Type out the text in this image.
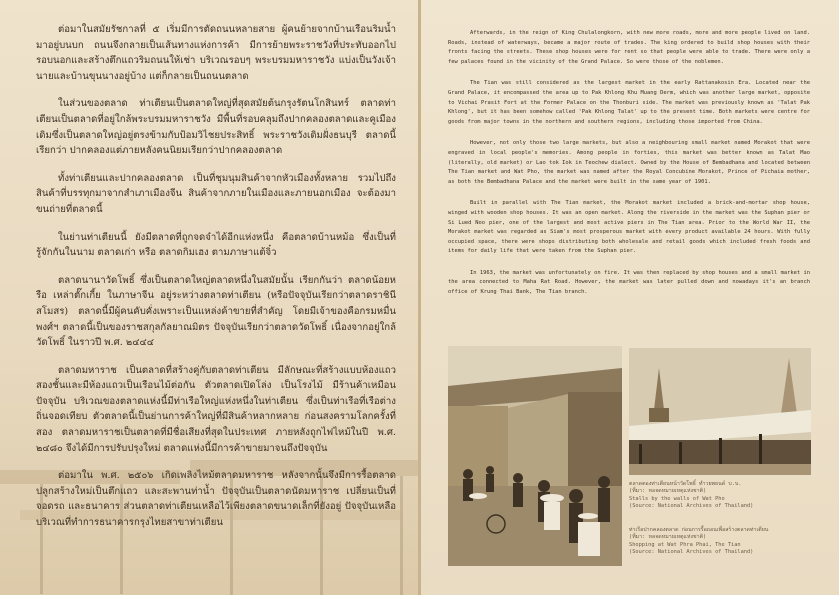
ต่อมาในสมัยรัชกาลที่ ๕ เริ่มมีการตัดถนนหลายสาย ผู้คนย้ายจากบ้านเรือนริมน้ำมาอยู่บนบก ถนนจึงกลายเป็นเส้นทางแห่งการค้า มีการย้ายพระราชวังที่ประทับออกไปรอบนอกและสร้างตึกแถวริมถนนให้เช่า บริเวณรอบๆ พระบรมมหาราชวัง แบ่งเป็นวังเจ้านายและบ้านขุนนางอยู่บ้าง แต่ก็กลายเป็นถนนตลาด

ในส่วนของตลาด ท่าเตียนเป็นตลาดใหญ่ที่สุดสมัยต้นกรุงรัตนโกสินทร์ ตลาดท่าเตียนเป็นตลาดที่อยู่ใกล้พระบรมมหาราชวัง มีพื้นที่รอบคลุมถึงปากคลองตลาดและคูเมืองเดิมซึ่งเป็นตลาดใหญ่อยู่ตรงข้ามกับป้อมวิไชยประสิทธิ์ พระราชวังเดิมฝั่งธนบุรี ตลาดนี้เรียกว่า ปากคลองแต่ภายหลังคนนิยมเรียกว่าปากคลองตลาด

ทั้งท่าเตียนและปากคลองตลาด เป็นที่ชุมนุมสินค้าจากหัวเมืองทั้งหลาย รวมไปถึงสินค้าที่บรรทุกมาจากสำเภาเมืองจีน สินค้าจากภายในเมืองและภายนอกเมือง จะต้องมาขนถ่ายที่ตลาดนี้

ในย่านท่าเตียนนี้ ยังมีตลาดที่ถูกจดจำได้อีกแห่งหนึ่ง คือตลาดบ้านหม้อ ซึ่งเป็นที่รู้จักกันในนาม ตลาดเก่า หรือ ตลาดกิมเฮง ตามภาษาแต้จิ๋ว

ตลาดนานาวัดโพธิ์ ซึ่งเป็นตลาดใหญ่ตลาดหนึ่งในสมัยนั้น เรียกกันว่า ตลาดน้อยหรือ เหล่าตั๊กเกี้ย ในภาษาจีน อยู่ระหว่างตลาดท่าเตียน (หรือปัจจุบันเรียกว่าตลาดราชินีสโมสร) ตลาดนี้มีผู้คนคับคั่งเพราะเป็นแหล่งค้าขายที่สำคัญ โดยมีเจ้าของคือกรมหมื่นพงศ์ฯ ตลาดนี้เป็นของราชสกุลกัลยาณมิตร ปัจจุบันเรียกว่าตลาดวัดโพธิ์ เนื่องจากอยู่ใกล้วัดโพธิ์ ในราวปี พ.ศ. ๒๔๔๔

ตลาดมหาราช เป็นตลาดที่สร้างคู่กับตลาดท่าเตียน มีลักษณะที่สร้างแบบห้องแถวสองชั้นและมีห้องแถวเป็นเรือนไม้ต่อกัน ตัวตลาดเปิดโล่ง เป็นโรงไม้ มีร้านค้าเหมือนปัจจุบัน บริเวณของตลาดแห่งนี้มีท่าเรือใหญ่แห่งหนึ่งในท่าเตียน ซึ่งเป็นท่าเรือที่เรือต่างถิ่นจอดเทียบ ตัวตลาดนี้เป็นย่านการค้าใหญ่ที่มีสินค้าหลากหลาย ก่อนสงครามโลกครั้งที่สอง ตลาดมหาราชเป็นตลาดที่มีชื่อเสียงที่สุดในประเทศ ภายหลังถูกไฟไหม้ในปี พ.ศ. ๒๔๘๐ จึงได้มีการปรับปรุงใหม่ ตลาดแห่งนี้มีการค้าขายมาจนถึงปัจจุบัน

ต่อมาใน พ.ศ. ๒๕๐๖ เกิดเพลิงไหม้ตลาดมหาราช หลังจากนั้นจึงมีการรื้อตลาด ปลูกสร้างใหม่เป็นตึกแถว และสะพานท่าน้ำ ปัจจุบันเป็นตลาดนัดมหาราช เปลี่ยนเป็นที่จอดรถ และธนาคาร ส่วนตลาดท่าเตียนเหลือไว้เพียงตลาดขนาดเล็กที่ยังอยู่ ปัจจุบันเหลือบริเวณที่ทำการธนาคารกรุงไทยสาขาท่าเตียน

Afterwards, in the reign of King Chulalongkorn, with new more roads, more and more people lived on land. Roads, instead of waterways, became a major route of trades. The king ordered to build shop houses with their fronts facing the streets. These shop houses were for rent so that people were able to trade. There were only a few palaces found in the vicinity of the Grand Palace. So were those of the noblemen.

The Tian was still considered as the largest market in the early Rattanakosin Era. Located near the Grand Palace, it encompassed the area up to Pak Khlong Khu Muang Derm, which was another large market, opposite to Vichai Prasit Fort at the Former Palace on the Thonburi side. The market was previously known as 'Talat Pak Khlong', but it has been somehow called 'Pak Khlong Talat' up to the present time. Both markets were centre for goods from major towns in the northern and southern regions, including those imported from China.

However, not only those two large markets, but also a neighbouring small market named Morakot that were engraved in local people's memories. Among people in forties, this market was better known as Talat Mao (literally, old market) or Lao tok Iok in Teochew dialect. Owned by the House of Bembadhana and located between The Tian market and Wat Pho, the market was named after the Royal Concubine Morakot, Prince of Pichaia mother, as both the Bembadhana Palace and the market were built in the same year of 1901.

Built in parallel with The Tian market, the Morakot market included a brick-and-mortar shop house, winged with wooden shop houses. It was an open market. Along the riverside in the market was the Suphan pier or Si Lued Noo pier, one of the largest and most active piers in The Tian area. Prior to the World War II, the Morakot market was regarded as Siam's most prosperous market with every product available 24 hours. With fully occupied space, there were shops distributing both wholesale and retail goods which included fresh foods and items for daily life that were taken from the Suphan pier.

In 1963, the market was unfortunately on fire. It was then replaced by shop houses and a small market in the area connected to Maha Rat Road. However, the market was later pulled down and nowadays it's an branch office of Krung Thai Bank, The Tian branch.

ตลาดตองท่าเตียนหน้าวัดโพธิ์ ทำวยพยนด์ บ.บ.
(ที่มา: หอจดหมายเหตุแห่งชาติ)
Stalls by the walls of Wat Pho
(Source: National Archives of Thailand)
ท่าเรือปากคลองตลาด ก่อนการรื้อถอนเพื่อสร้างตลาดท่าเตียน
(ที่มา: หอจดหมายเหตุแห่งชาติ)
Shopping at Wat Phra Phai, The Tian
(Source: National Archives of Thailand)
